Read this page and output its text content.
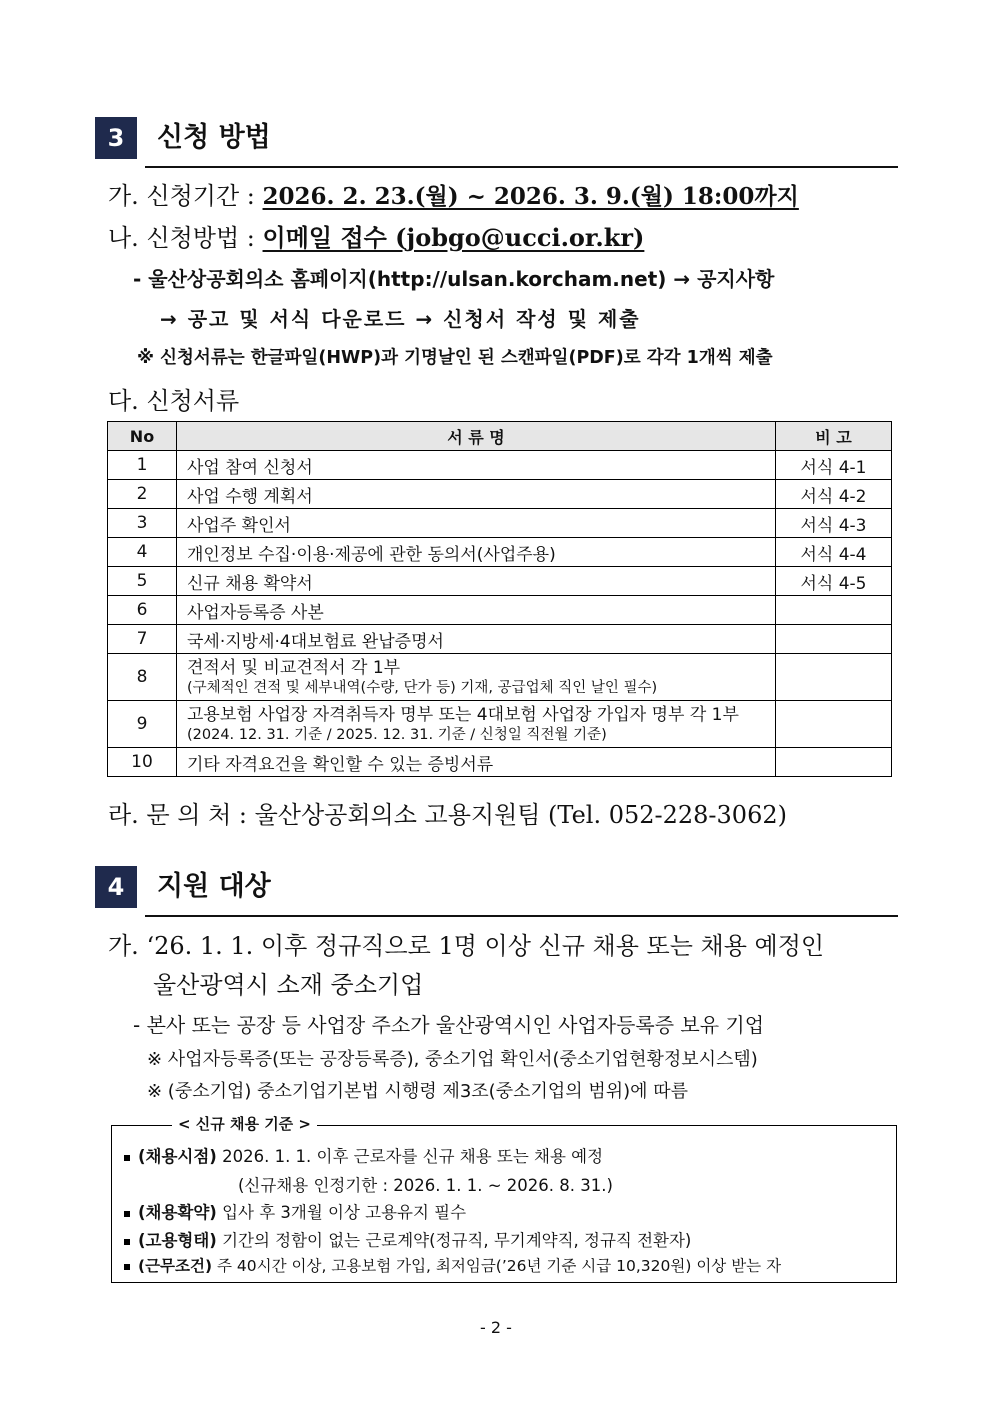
3	신청 방법
가. 신청기간 : 2026. 2. 23.(월) ~ 2026. 3. 9.(월) 18:00까지
나. 신청방법 : 이메일 접수 (jobgo@ucci.or.kr)
- 울산상공회의소 홈페이지(http://ulsan.korcham.net) → 공지사항
→ 공고 및 서식 다운로드 → 신청서 작성 및 제출
※ 신청서류는 한글파일(HWP)과 기명날인 된 스캔파일(PDF)로 각각 1개씩 제출
다. 신청서류
No	서 류 명	비 고
1	사업 참여 신청서	서식 4-1
2	사업 수행 계획서	서식 4-2
3	사업주 확인서	서식 4-3
4	개인정보 수집·이용·제공에 관한 동의서(사업주용)	서식 4-4
5	신규 채용 확약서	서식 4-5
6	사업자등록증 사본	
7	국세·지방세·4대보험료 완납증명서	
8	견적서 및 비교견적서 각 1부
(구체적인 견적 및 세부내역(수량, 단가 등) 기재, 공급업체 직인 날인 필수)	

9	고용보험 사업장 자격취득자 명부 또는 4대보험 사업장 가입자 명부 각 1부
(2024. 12. 31. 기준 / 2025. 12. 31. 기준 / 신청일 직전월 기준)	

10	기타 자격요건을 확인할 수 있는 증빙서류	
라. 문 의 처 : 울산상공회의소 고용지원팀 (Tel. 052-228-3062)
4	지원 대상
가. ‘26. 1. 1. 이후 정규직으로 1명 이상 신규 채용 또는 채용 예정인
울산광역시 소재 중소기업
- 본사 또는 공장 등 사업장 주소가 울산광역시인 사업자등록증 보유 기업
※ 사업자등록증(또는 공장등록증), 중소기업 확인서(중소기업현황정보시스템)
※ (중소기업) 중소기업기본법 시행령 제3조(중소기업의 범위)에 따름
(채용시점) 2026. 1. 1. 이후 근로자를 신규 채용 또는 채용 예정
(신규채용 인정기한 : 2026. 1. 1. ~ 2026. 8. 31.)
(채용확약) 입사 후 3개월 이상 고용유지 필수
(고용형태) 기간의 정함이 없는 근로계약(정규직, 무기계약직, 정규직 전환자)
(근무조건) 주 40시간 이상, 고용보험 가입, 최저임금(’26년 기준 시급 10,320원) 이상 받는 자
< 신규 채용 기준 >
- 2 -
